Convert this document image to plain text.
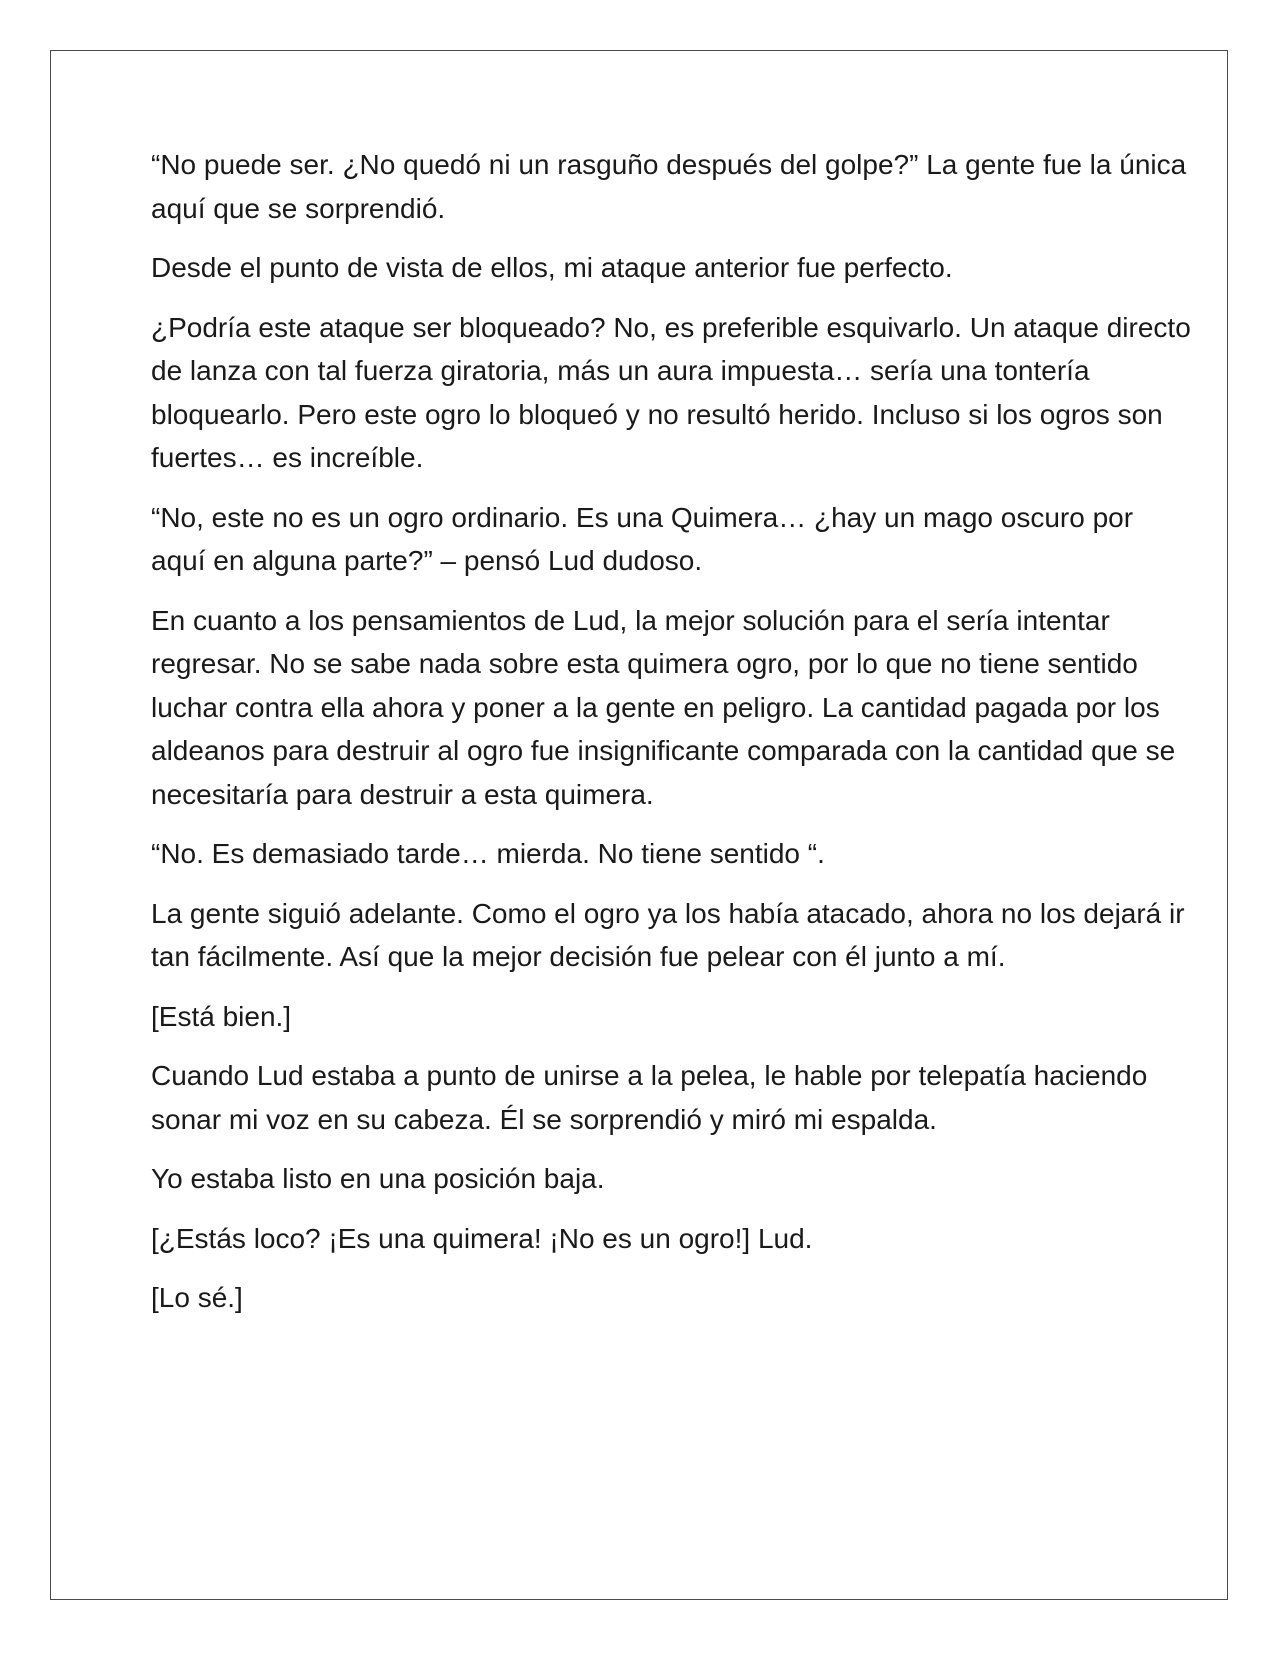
“No puede ser. ¿No quedó ni un rasguño después del golpe?” La gente fue la única aquí que se sorprendió.

Desde el punto de vista de ellos, mi ataque anterior fue perfecto.

¿Podría este ataque ser bloqueado? No, es preferible esquivarlo. Un ataque directo de lanza con tal fuerza giratoria, más un aura impuesta… sería una tontería bloquearlo. Pero este ogro lo bloqueó y no resultó herido. Incluso si los ogros son fuertes… es increíble.

“No, este no es un ogro ordinario. Es una Quimera… ¿hay un mago oscuro por aquí en alguna parte?” – pensó Lud dudoso.

En cuanto a los pensamientos de Lud, la mejor solución para el sería intentar regresar. No se sabe nada sobre esta quimera ogro, por lo que no tiene sentido luchar contra ella ahora y poner a la gente en peligro. La cantidad pagada por los aldeanos para destruir al ogro fue insignificante comparada con la cantidad que se necesitaría para destruir a esta quimera.

“No. Es demasiado tarde… mierda. No tiene sentido “.

La gente siguió adelante. Como el ogro ya los había atacado, ahora no los dejará ir tan fácilmente. Así que la mejor decisión fue pelear con él junto a mí.

[Está bien.]

Cuando Lud estaba a punto de unirse a la pelea, le hable por telepatía haciendo sonar mi voz en su cabeza. Él se sorprendió y miró mi espalda.

Yo estaba listo en una posición baja.

[¿Estás loco? ¡Es una quimera! ¡No es un ogro!] Lud.

[Lo sé.]
